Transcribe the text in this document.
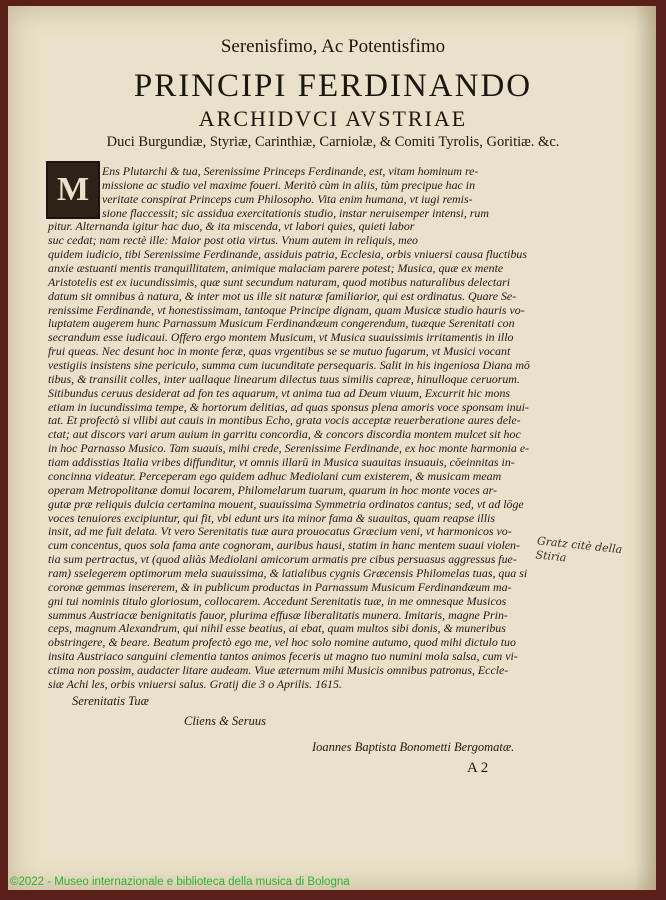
Serenisfimo, Ac Potentisfimo
PRINCIPI FERDINANDO
ARCHIDVCI AVSTRIAE
Duci Burgundiæ, Styriæ, Carinthiæ, Carniolæ, & Comiti Tyrolis, Goritiæ. &c.
M Ens Plutarchi & tua, Serenissime Princeps Ferdinande, est, vitam hominum re-
missione ac studio vel maxime foueri. Meritò cùm in aliis, tùm precipue hac in
veritate conspirat Princeps cum Philosopho. Vita enim humana, vt iugi remis-
sione flaccessit; sic assidua exercitationis studio, instar neruisemper intensi, rum
pitur. Alternanda igitur hac duo, & ita miscenda, vt labori quies, quieti labor
suc cedat; nam rectè ille: Maior post otia virtus. Vnum autem in reliquis, meo
quidem iudicio, tibi Serenissime Ferdinande, assiduis patria, Ecclesia, orbis vniuersi causa fluctibus
anxie æstuanti mentis tranquillitatem, animique malaciam parere potest; Musica, quæ ex mente
Aristotelis est ex iucundissimis, quæ sunt secundum naturam, quod motibus naturalibus delectari
datum sit omnibus à natura, & inter mot us ille sit naturæ familiarior, qui est ordinatus. Quare Se-
renissime Ferdinande, vt honestissimam, tantoque Principe dignam, quam Musicæ studio hauris vo-
luptatem augerem hunc Parnassum Musicum Ferdinandæum congerendum, tuæque Serenitati con
secrandum esse iudicaui. Offero ergo montem Musicum, vt Musica suauissimis irritamentis in illo
frui queas. Nec desunt hoc in monte feræ, quas vrgentibus se se mutuo fugarum, vt Musici vocant
vestigiis insistens sine periculo, summa cum iucunditate persequaris. Salit in his ingeniosa Diana mō
tibus, & transilit colles, inter uallaque linearum dilectus tuus similis capreæ, hinulloque ceruorum.
Sitibundus ceruus desiderat ad fon tes aquarum, vt anima tua ad Deum viuum, Excurrit hic mons
etiam in iucundissima tempe, & hortorum delitias, ad quas sponsus plena amoris voce sponsam inui-
tat. Et profectò si vllibi aut cauis in montibus Echo, grata vocis acceptæ reuerberatione aures dele-
ctat; aut discors vari arum auium in garritu concordia, & concors discordia montem mulcet sit hoc
in hoc Parnasso Musico. Tam suauis, mihi crede, Serenissime Ferdinande, ex hoc monte harmonia e-
tiam addisstias Italia vribes diffunditur, vt omnis illarū in Musica suauitas insuauis, cōeinnitas in-
concinna videatur. Perceperam ego quidem adhuc Mediolani cum existerem, & musicam meam
operam Metropolitanæ domui locarem, Philomelarum tuarum, quarum in hoc monte voces ar-
gutæ præ reliquis dulcia certamina mouent, suauissima Symmetria ordinatos cantus; sed, vt ad lōge
voces tenuiores excipiuntur, qui fit, vbi edunt urs ita minor fama & suauitas, quam reapse illis
insit, ad me fuit delata. Vt vero Serenitatis tuæ aura prouocatus Græcium veni, vt harmonicos vo-
cum concentus, quos sola fama ante cognoram, auribus hausi, statim in hanc mentem suaui violen-
tia sum pertractus, vt (quod aliàs Mediolani amicorum armatis pre cibus persuasus aggressus fue-
ram) sselegerem optimorum mela suauissima, & latialibus cygnis Græcensis Philomelas tuas, qua si
coronæ gemmas insererem, & in publicum productas in Parnassum Musicum Ferdinandæum ma-
gni tui nominis titulo gloriosum, collocarem. Accedunt Serenitatis tuæ, in me omnesque Musicos
summus Austriacæ benignitatis fauor, plurima effusæ liberalitatis munera. Imitaris, magne Prin-
ceps, magnum Alexandrum, qui nihil esse beatius, ai ebat, quam multos sibi donis, & muneribus
obstringere, & beare. Beatum profectò ego me, vel hoc solo nomine autumo, quod mihi dictulo tuo
insita Austriaco sanguini clementia tantos animos feceris ut magno tuo numini mola salsa, cum vi-
ctima non possim, audacter litare audeam. Viue æternum mihi Musicis omnibus patronus, Eccle-
siæ Achi les, orbis vniuersi salus. Gratij die 3 o Aprilis. 1615.
Serenitatis Tuæ
Cliens & Seruus
Ioannes Baptista Bonometti Bergomatæ.
A 2
Gratz citè della Stiria
©2022 - Museo internazionale e biblioteca della musica di Bologna
